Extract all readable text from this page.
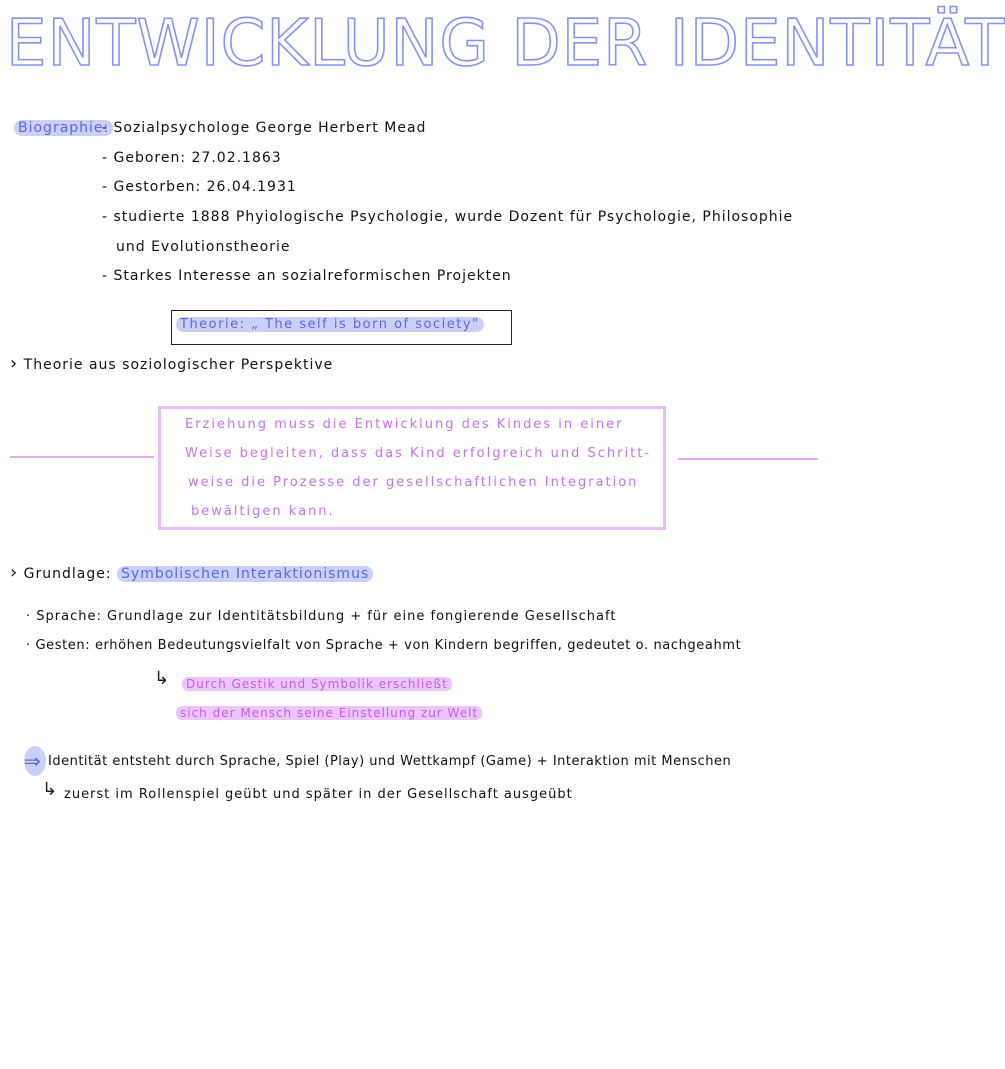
ENTWICKLUNG DER IDENTITÄT
Biographie:
- Sozialpsychologe George Herbert Mead
- Geboren: 27.02.1863
- Gestorben: 26.04.1931
- studierte 1888 Phyiologische Psychologie, wurde Dozent für Psychologie, Philosophie
und Evolutionstheorie
- Starkes Interesse an sozialreformischen Projekten
Theorie: „ The self is born of society"
› Theorie aus soziologischer Perspektive
Erziehung muss die Entwicklung des Kindes in einer
Weise begleiten, dass das Kind erfolgreich und Schritt-
weise die Prozesse der gesellschaftlichen Integration
bewältigen kann.
› Grundlage: Symbolischen Interaktionismus
· Sprache: Grundlage zur Identitätsbildung + für eine fongierende Gesellschaft
· Gesten: erhöhen Bedeutungsvielfalt von Sprache + von Kindern begriffen, gedeutet o. nachgeahmt
↳	Durch Gestik und Symbolik erschließt
sich der Mensch seine Einstellung zur Welt
⇒ Identität entsteht durch Sprache, Spiel (Play) und Wettkampf (Game) + Interaktion mit Menschen
↳ zuerst im Rollenspiel geübt und später in der Gesellschaft ausgeübt
